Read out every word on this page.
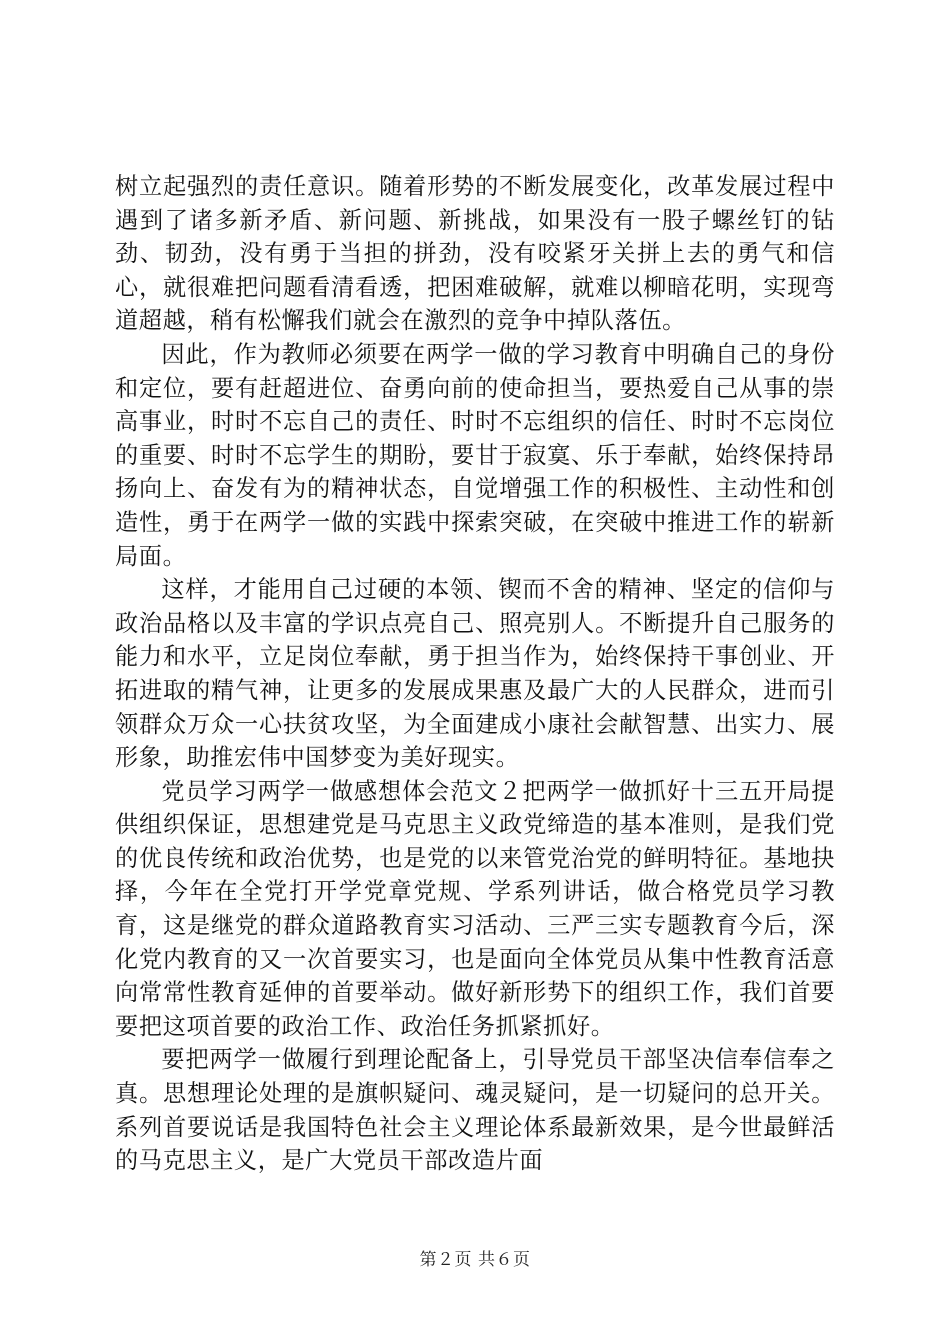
树立起强烈的责任意识。随着形势的不断发展变化，改革发展过程中遇到了诸多新矛盾、新问题、新挑战，如果没有一股子螺丝钉的钻劲、韧劲，没有勇于当担的拼劲，没有咬紧牙关拼上去的勇气和信心，就很难把问题看清看透，把困难破解，就难以柳暗花明，实现弯道超越，稍有松懈我们就会在激烈的竞争中掉队落伍。

因此，作为教师必须要在两学一做的学习教育中明确自己的身份和定位，要有赶超进位、奋勇向前的使命担当，要热爱自己从事的崇高事业，时时不忘自己的责任、时时不忘组织的信任、时时不忘岗位的重要、时时不忘学生的期盼，要甘于寂寞、乐于奉献，始终保持昂扬向上、奋发有为的精神状态，自觉增强工作的积极性、主动性和创造性，勇于在两学一做的实践中探索突破，在突破中推进工作的崭新局面。

这样，才能用自己过硬的本领、锲而不舍的精神、坚定的信仰与政治品格以及丰富的学识点亮自己、照亮别人。不断提升自己服务的能力和水平，立足岗位奉献，勇于担当作为，始终保持干事创业、开拓进取的精气神，让更多的发展成果惠及最广大的人民群众，进而引领群众万众一心扶贫攻坚，为全面建成小康社会献智慧、出实力、展形象，助推宏伟中国梦变为美好现实。

党员学习两学一做感想体会范文２把两学一做抓好十三五开局提供组织保证，思想建党是马克思主义政党缔造的基本准则，是我们党的优良传统和政治优势，也是党的以来管党治党的鲜明特征。基地抉择，今年在全党打开学党章党规、学系列讲话，做合格党员学习教育，这是继党的群众道路教育实习活动、三严三实专题教育今后，深化党内教育的又一次首要实习，也是面向全体党员从集中性教育活意向常常性教育延伸的首要举动。做好新形势下的组织工作，我们首要要把这项首要的政治工作、政治任务抓紧抓好。

要把两学一做履行到理论配备上，引导党员干部坚决信奉信奉之真。思想理论处理的是旗帜疑问、魂灵疑问，是一切疑问的总开关。系列首要说话是我国特色社会主义理论体系最新效果，是今世最鲜活的马克思主义，是广大党员干部改造片面

第２页 共６页
